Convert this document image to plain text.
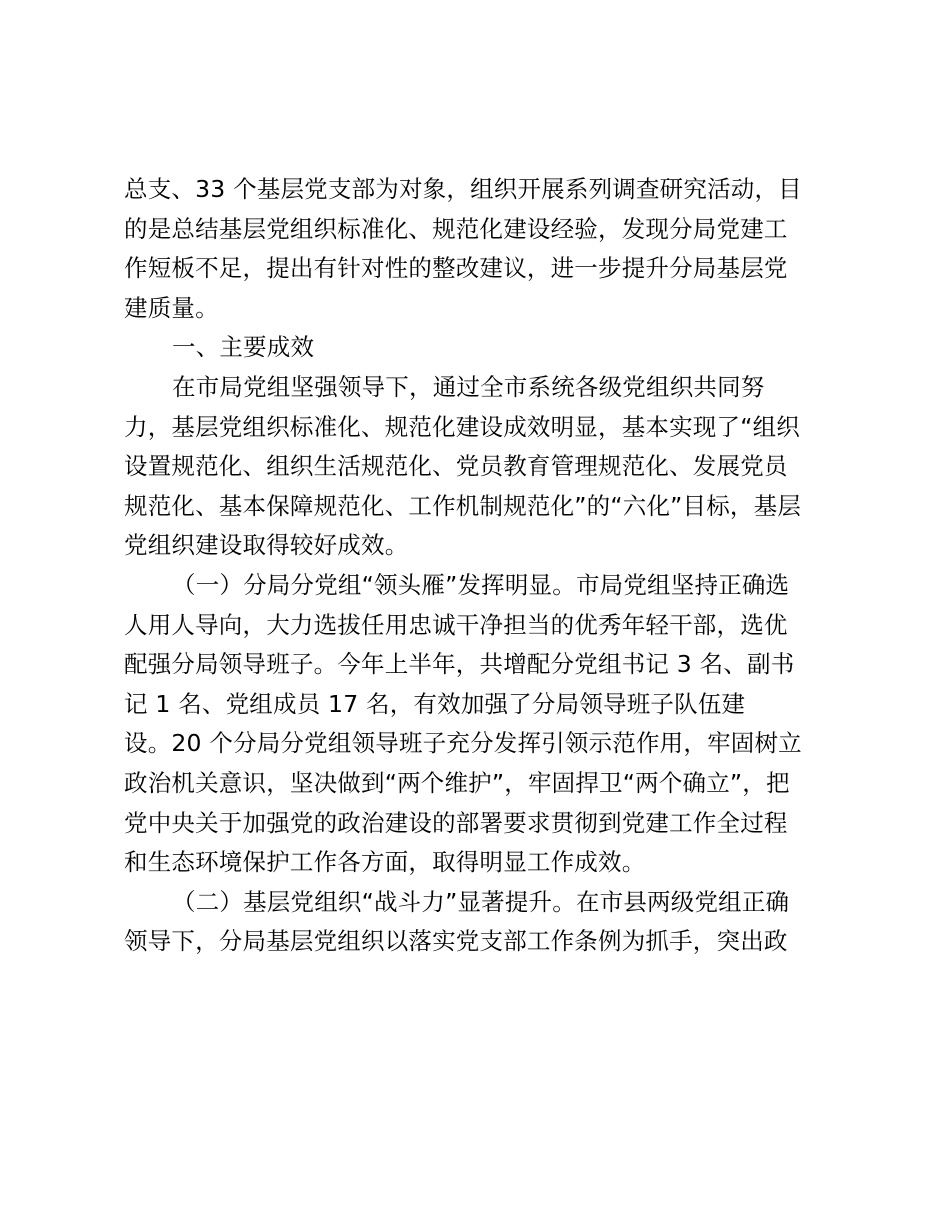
总支、33 个基层党支部为对象，组织开展系列调查研究活动，目
的是总结基层党组织标准化、规范化建设经验，发现分局党建工
作短板不足，提出有针对性的整改建议，进一步提升分局基层党
建质量。
一、主要成效
在市局党组坚强领导下，通过全市系统各级党组织共同努
力，基层党组织标准化、规范化建设成效明显，基本实现了“组织
设置规范化、组织生活规范化、党员教育管理规范化、发展党员
规范化、基本保障规范化、工作机制规范化”的“六化”目标，基层
党组织建设取得较好成效。
（一）分局分党组“领头雁”发挥明显。市局党组坚持正确选
人用人导向，大力选拔任用忠诚干净担当的优秀年轻干部，选优
配强分局领导班子。今年上半年，共增配分党组书记 3 名、副书
记 1 名、党组成员 17 名，有效加强了分局领导班子队伍建
设。20 个分局分党组领导班子充分发挥引领示范作用，牢固树立
政治机关意识，坚决做到“两个维护”，牢固捍卫“两个确立”，把
党中央关于加强党的政治建设的部署要求贯彻到党建工作全过程
和生态环境保护工作各方面，取得明显工作成效。
（二）基层党组织“战斗力”显著提升。在市县两级党组正确
领导下，分局基层党组织以落实党支部工作条例为抓手，突出政
